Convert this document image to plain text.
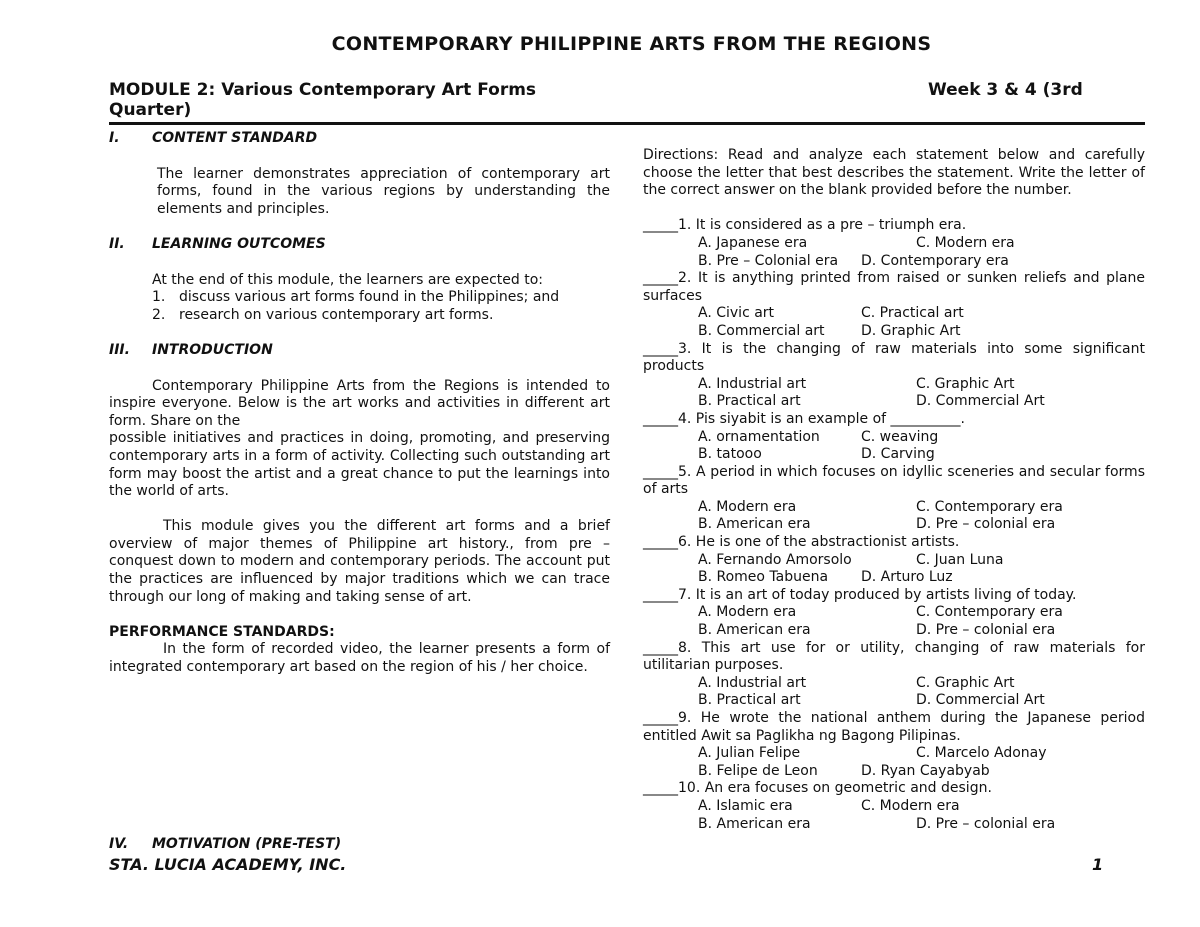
CONTEMPORARY PHILIPPINE ARTS FROM THE REGIONS
MODULE 2: Various Contemporary Art Forms	Week 3 & 4 (3rd
Quarter)
I. CONTENT STANDARD
The learner demonstrates appreciation of contemporary art forms, found in the various regions by understanding the elements and principles.
II. LEARNING OUTCOMES
At the end of this module, the learners are expected to:
1. discuss various art forms found in the Philippines; and
2. research on various contemporary art forms.
III. INTRODUCTION
Contemporary Philippine Arts from the Regions is intended to inspire everyone. Below is the art works and activities in different art form. Share on the
possible initiatives and practices in doing, promoting, and preserving contemporary arts in a form of activity. Collecting such outstanding art form may boost the artist and a great chance to put the learnings into the world of arts.
This module gives you the different art forms and a brief overview of major themes of Philippine art history., from pre – conquest down to modern and contemporary periods. The account put the practices are influenced by major traditions which we can trace through our long of making and taking sense of art.
PERFORMANCE STANDARDS:
In the form of recorded video, the learner presents a form of integrated contemporary art based on the region of his / her choice.
IV. MOTIVATION (PRE-TEST)
Directions: Read and analyze each statement below and carefully choose the letter that best describes the statement. Write the letter of the correct answer on the blank provided before the number.
_____1. It is considered as a pre – triumph era.
A. Japanese era	C. Modern era
B. Pre – Colonial era D. Contemporary era
_____2. It is anything printed from raised or sunken reliefs and plane surfaces
A. Civic art	C. Practical art
B. Commercial art	D. Graphic Art
_____3. It is the changing of raw materials into some significant products
A. Industrial art	C. Graphic Art
B. Practical art	D. Commercial Art
_____4. Pis siyabit is an example of __________.
A. ornamentation	C. weaving
B. tatooo	D. Carving
_____5. A period in which focuses on idyllic sceneries and secular forms of arts
A. Modern era	C. Contemporary era
B. American era	D. Pre – colonial era
_____6. He is one of the abstractionist artists.
A. Fernando Amorsolo	C. Juan Luna
B. Romeo Tabuena D. Arturo Luz
_____7. It is an art of today produced by artists living of today.
A. Modern era	C. Contemporary era
B. American era	D. Pre – colonial era
_____8. This art use for or utility, changing of raw materials for utilitarian purposes.
A. Industrial art	C. Graphic Art
B. Practical art	D. Commercial Art
_____9. He wrote the national anthem during the Japanese period entitled Awit sa Paglikha ng Bagong Pilipinas.
A. Julian Felipe	C. Marcelo Adonay
B. Felipe de Leon	D. Ryan Cayabyab
_____10. An era focuses on geometric and design.
A. Islamic era	C. Modern era
B. American era	D. Pre – colonial era
STA. LUCIA ACADEMY, INC.	1
